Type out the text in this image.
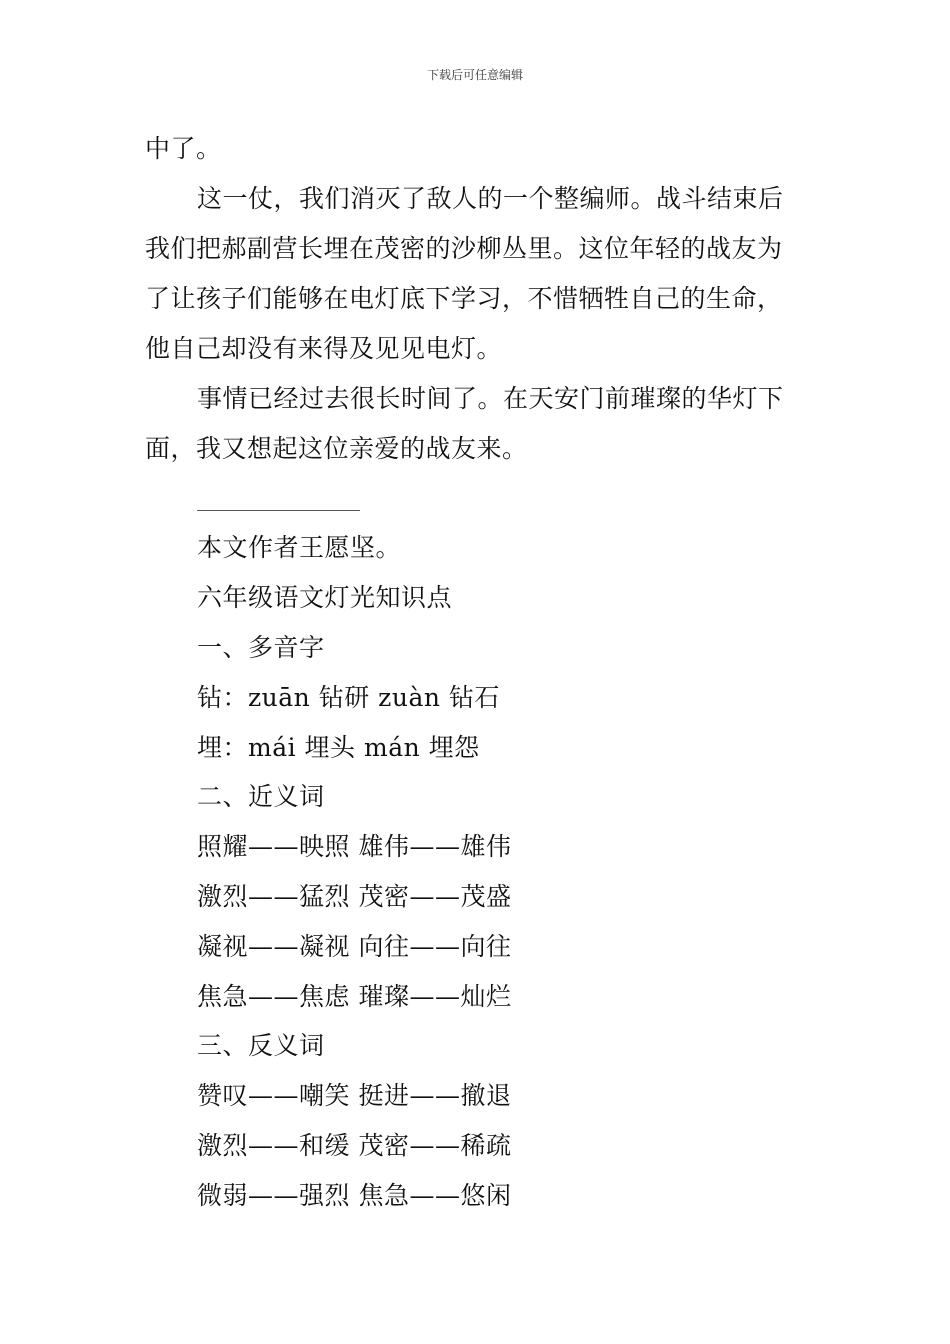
下载后可任意编辑
中了。
这一仗，我们消灭了敌人的一个整编师。战斗结束后
我们把郝副营长埋在茂密的沙柳丛里。这位年轻的战友为
了让孩子们能够在电灯底下学习，不惜牺牲自己的生命，
他自己却没有来得及见见电灯。
事情已经过去很长时间了。在天安门前璀璨的华灯下
面，我又想起这位亲爱的战友来。
本文作者王愿坚。
六年级语文灯光知识点
一、多音字
钻：zuān 钻研 zuàn 钻石
埋：mái 埋头 mán 埋怨
二、近义词
照耀——映照 雄伟——雄伟
激烈——猛烈 茂密——茂盛
凝视——凝视 向往——向往
焦急——焦虑 璀璨——灿烂
三、反义词
赞叹——嘲笑 挺进——撤退
激烈——和缓 茂密——稀疏
微弱——强烈 焦急——悠闲
